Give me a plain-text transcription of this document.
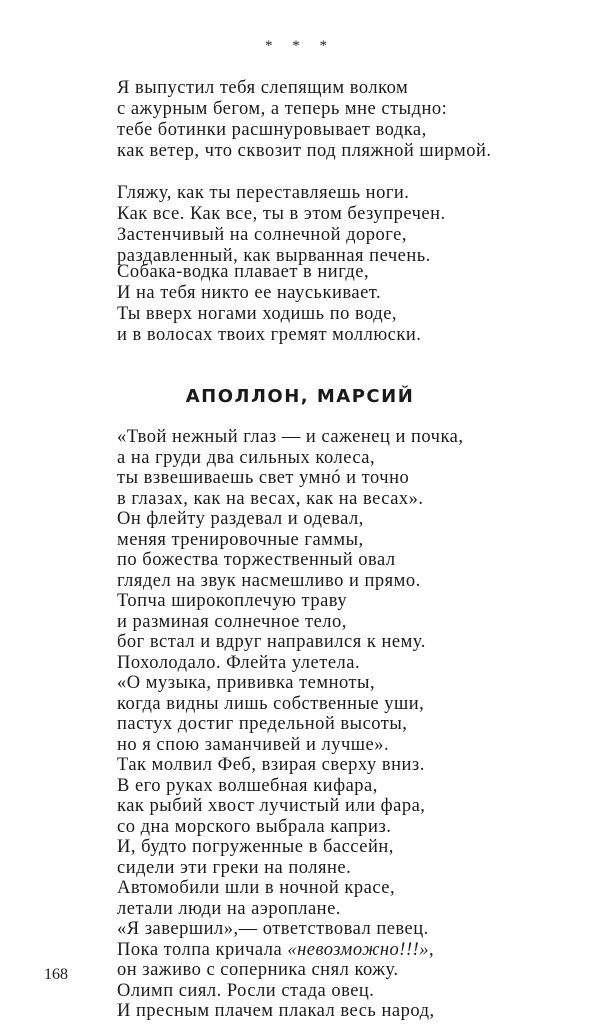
* * *
Я выпустил тебя слепящим волком
с ажурным бегом, а теперь мне стыдно:
тебе ботинки расшнуровывает водка,
как ветер, что сквозит под пляжной ширмой.
Гляжу, как ты переставляешь ноги.
Как все. Как все, ты в этом безупречен.
Застенчивый на солнечной дороге,
раздавленный, как вырванная печень.
Собака-водка плавает в нигде,
И на тебя никто ее науськивает.
Ты вверх ногами ходишь по воде,
и в волосах твоих гремят моллюски.
АПОЛЛОН, МАРСИЙ
«Твой нежный глаз — и саженец и почка,
а на груди два сильных колеса,
ты взвешиваешь свет умнó и точно
в глазах, как на весах, как на весах».
Он флейту раздевал и одевал,
меняя тренировочные гаммы,
по божества торжественный овал
глядел на звук насмешливо и прямо.
Топча широкоплечую траву
и разминая солнечное тело,
бог встал и вдруг направился к нему.
Похолодало. Флейта улетела.
«О музыка, прививка темноты,
когда видны лишь собственные уши,
пастух достиг предельной высоты,
но я спою заманчивей и лучше».
Так молвил Феб, взирая сверху вниз.
В его руках волшебная кифара,
как рыбий хвост лучистый или фара,
со дна морского выбрала каприз.
И, будто погруженные в бассейн,
сидели эти греки на поляне.
Автомобили шли в ночной красе,
летали люди на аэроплане.
«Я завершил»,— ответствовал певец.
Пока толпа кричала «невозможно!!!»,
он заживо с соперника снял кожу.
Олимп сиял. Росли стада овец.
И пресным плачем плакал весь народ,
168
